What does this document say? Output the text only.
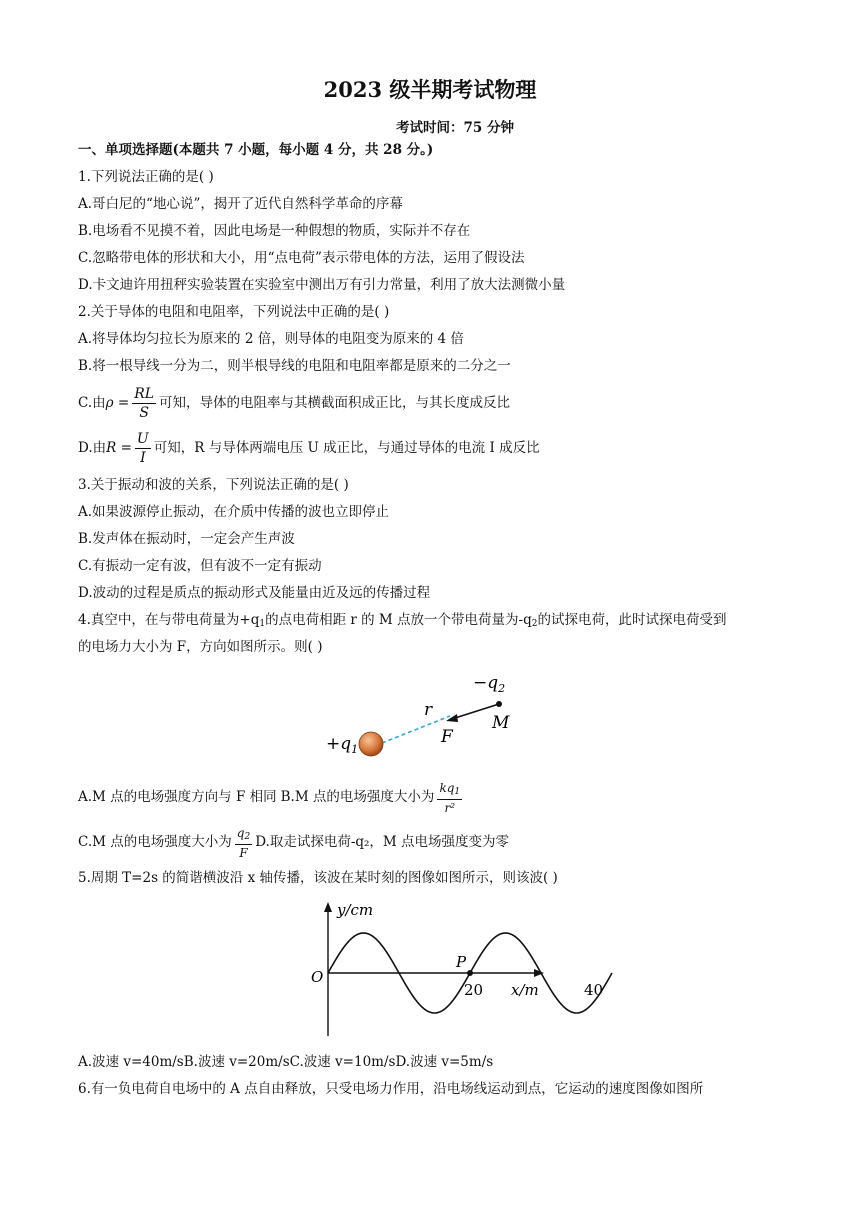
2023 级半期考试物理
考试时间：75 分钟
一、单项选择题(本题共 7 小题，每小题 4 分，共 28 分。)
1.下列说法正确的是( )
A.哥白尼的“地心说”，揭开了近代自然科学革命的序幕
B.电场看不见摸不着，因此电场是一种假想的物质，实际并不存在
C.忽略带电体的形状和大小，用“点电荷”表示带电体的方法，运用了假设法
D.卡文迪许用扭秤实验装置在实验室中测出万有引力常量，利用了放大法测微小量
2.关于导体的电阻和电阻率，下列说法中正确的是( )
A.将导体均匀拉长为原来的 2 倍，则导体的电阻变为原来的 4 倍
B.将一根导线一分为二，则半根导线的电阻和电阻率都是原来的二分之一
C.由$\rho = \frac{RL}{S}$ 可知，导体的电阻率与其横截面积成正比，与其长度成反比
D.由$R = \frac{U}{I}$ 可知，R 与导体两端电压 U 成正比，与通过导体的电流 I 成反比
3.关于振动和波的关系，下列说法正确的是( )
A.如果波源停止振动，在介质中传播的波也立即停止
B.发声体在振动时，一定会产生声波
C.有振动一定有波，但有波不一定有振动
D.波动的过程是质点的振动形式及能量由近及远的传播过程
4.真空中，在与带电荷量为$+q_1$的点电荷相距 r 的 M 点放一个带电荷量为$-q_2$的试探电荷，此时试探电荷受到
的电场力大小为 F，方向如图所示。则( )
$+q_1$
$-q_2$
r
M
F
A.M 点的电场强度方向与 F 相同 B.M 点的电场强度大小为 $\frac{kq_1}{\text{r²}}$
C.M 点的电场强度大小为 $\frac{q_2}{F} D$.取走试探电荷-q₂，M 点电场强度变为零
5.周期 T=2s 的简谐横波沿 x 轴传播，该波在某时刻的图像如图所示，则该波( )
y/cm
O
P
20	40
x/m
A.波速 v=40m/sB.波速 v=20m/sC.波速 v=10m/sD.波速 v=5m/s
6.有一负电荷自电场中的 A 点自由释放，只受电场力作用，沿电场线运动到点，它运动的速度图像如图所
